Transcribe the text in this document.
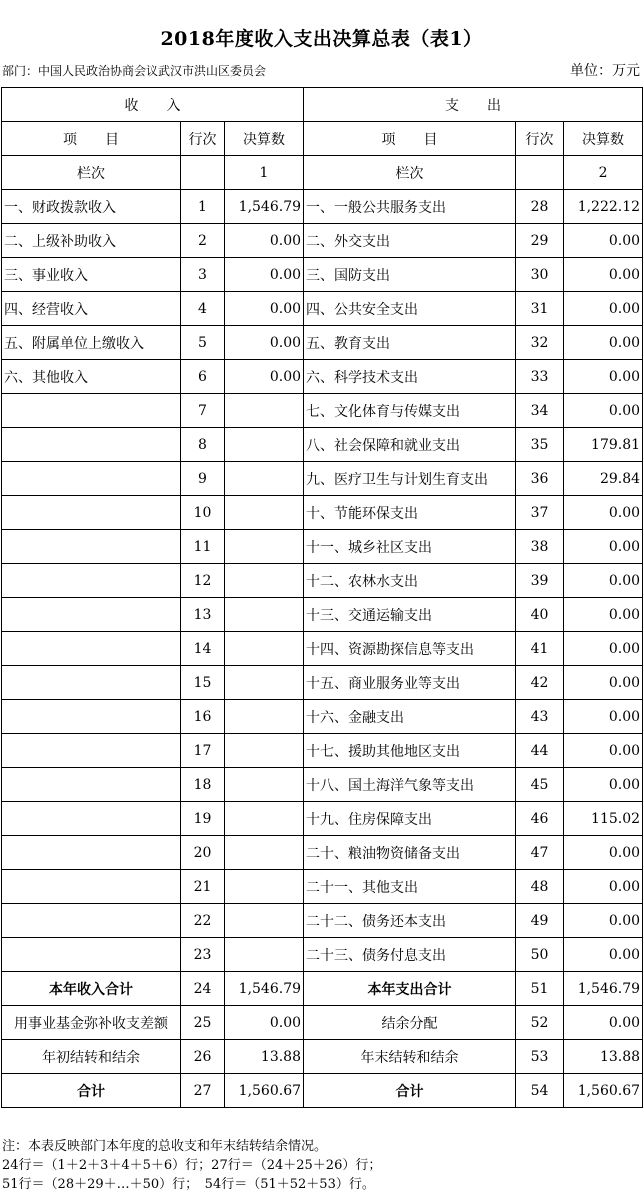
2018年度收入支出决算总表（表1）
部门：中国人民政治协商会议武汉市洪山区委员会	单位：万元
收　　入			支　　出		
项　　目	行次	决算数	项　　目	行次	决算数
栏次		1	栏次		2
一、财政拨款收入	1	1,546.79	一、一般公共服务支出	28	1,222.12
二、上级补助收入	2	0.00	二、外交支出	29	0.00
三、事业收入	3	0.00	三、国防支出	30	0.00
四、经营收入	4	0.00	四、公共安全支出	31	0.00
五、附属单位上缴收入	5	0.00	五、教育支出	32	0.00
六、其他收入	6	0.00	六、科学技术支出	33	0.00
	7		七、文化体育与传媒支出	34	0.00
	8		八、社会保障和就业支出	35	179.81
	9		九、医疗卫生与计划生育支出	36	29.84
	10		十、节能环保支出	37	0.00
	11		十一、城乡社区支出	38	0.00
	12		十二、农林水支出	39	0.00
	13		十三、交通运输支出	40	0.00
	14		十四、资源勘探信息等支出	41	0.00
	15		十五、商业服务业等支出	42	0.00
	16		十六、金融支出	43	0.00
	17		十七、援助其他地区支出	44	0.00
	18		十八、国土海洋气象等支出	45	0.00
	19		十九、住房保障支出	46	115.02
	20		二十、粮油物资储备支出	47	0.00
	21		二十一、其他支出	48	0.00
	22		二十二、债务还本支出	49	0.00
	23		二十三、债务付息支出	50	0.00
本年收入合计	24	1,546.79	本年支出合计	51	1,546.79
用事业基金弥补收支差额	25	0.00	结余分配	52	0.00
年初结转和结余	26	13.88	年末结转和结余	53	13.88
合计	27	1,560.67	合计	54	1,560.67
注：本表反映部门本年度的总收支和年末结转结余情况。
24行＝（1＋2＋3＋4＋5＋6）行；27行＝（24＋25＋26）行；
51行＝（28＋29＋…＋50）行；　54行＝（51＋52＋53）行。
